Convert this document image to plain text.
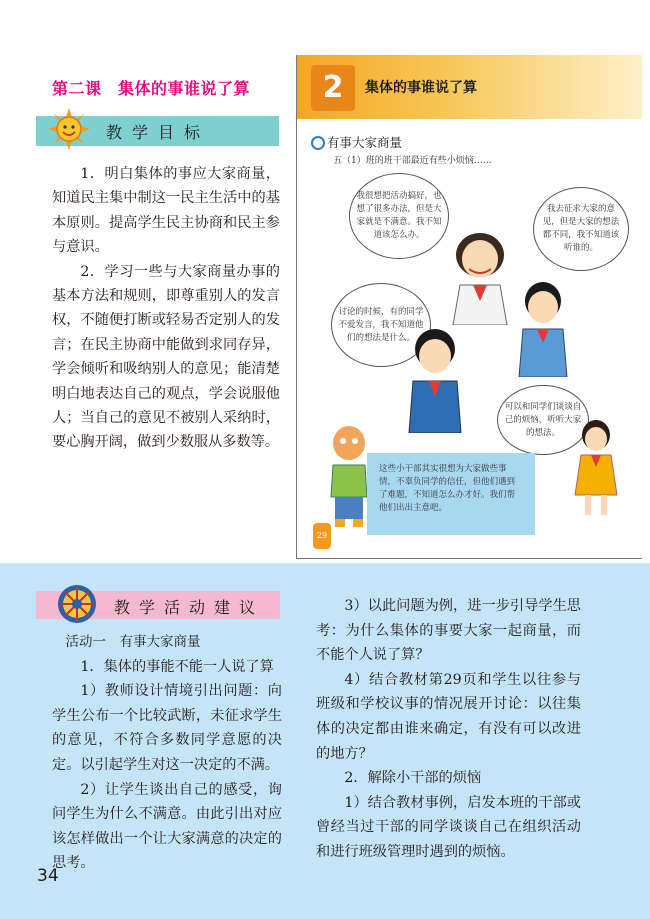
第二课　集体的事谁说了算
教学目标

1．明白集体的事应大家商量，知道民主集中制这一民主生活中的基本原则。提高学生民主协商和民主参与意识。

2．学习一些与大家商量办事的基本方法和规则，即尊重别人的发言权，不随便打断或轻易否定别人的发言；在民主协商中能做到求同存异，学会倾听和吸纳别人的意见；能清楚明白地表达自己的观点，学会说服他人；当自己的意见不被别人采纳时，要心胸开阔，做到少数服从多数等。

2	集体的事谁说了算
有事大家商量
五（1）班的班干部最近有些小烦恼……
我很想把活动搞好，也想了很多办法，但是大家就是不满意。我不知道该怎么办。
我去征求大家的意见，但是大家的想法都不同，我不知道该听谁的。
讨论的时候，有的同学不爱发言，我不知道他们的想法是什么。
可以和同学们谈谈自己的烦恼，听听大家的想法。
这些小干部其实很想为大家做些事情，不辜负同学的信任，但他们遇到了难题，不知道怎么办才好。我们帮他们出出主意吧。
29
教学活动建议

活动一　有事大家商量

1．集体的事能不能一人说了算

1）教师设计情境引出问题：向学生公布一个比较武断，未征求学生的意见，不符合多数同学意愿的决定。以引起学生对这一决定的不满。

2）让学生谈出自己的感受，询问学生为什么不满意。由此引出对应该怎样做出一个让大家满意的决定的思考。

3）以此问题为例，进一步引导学生思考：为什么集体的事要大家一起商量，而不能个人说了算？

4）结合教材第29页和学生以往参与班级和学校议事的情况展开讨论：以往集体的决定都由谁来确定，有没有可以改进的地方？

2．解除小干部的烦恼

1）结合教材事例，启发本班的干部或曾经当过干部的同学谈谈自己在组织活动和进行班级管理时遇到的烦恼。

34
